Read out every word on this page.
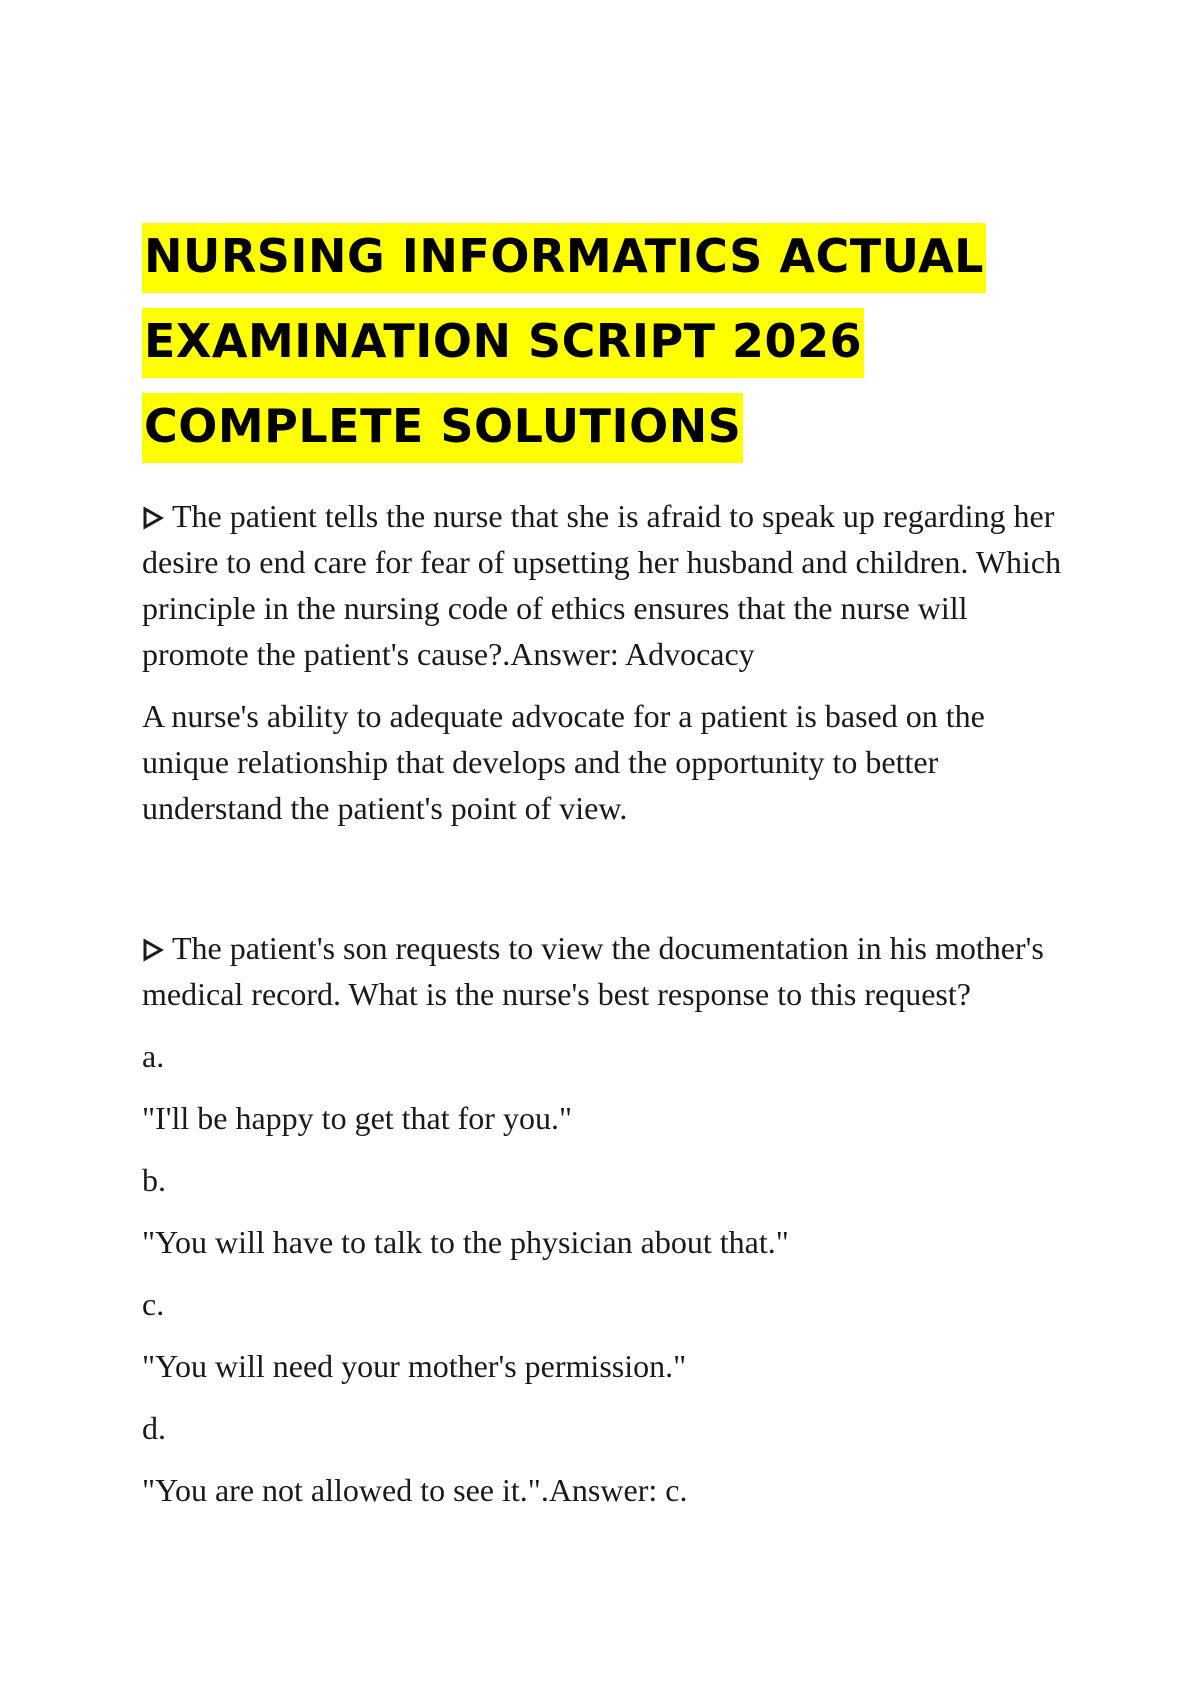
NURSING INFORMATICS ACTUAL
EXAMINATION SCRIPT 2026
COMPLETE SOLUTIONS

The patient tells the nurse that she is afraid to speak up regarding her desire to end care for fear of upsetting her husband and children. Which principle in the nursing code of ethics ensures that the nurse will promote the patient's cause?.Answer: Advocacy

A nurse's ability to adequate advocate for a patient is based on the unique relationship that develops and the opportunity to better understand the patient's point of view.

The patient's son requests to view the documentation in his mother's medical record. What is the nurse's best response to this request?

a.

"I'll be happy to get that for you."

b.

"You will have to talk to the physician about that."

c.

"You will need your mother's permission."

d.

"You are not allowed to see it.".Answer: c.
